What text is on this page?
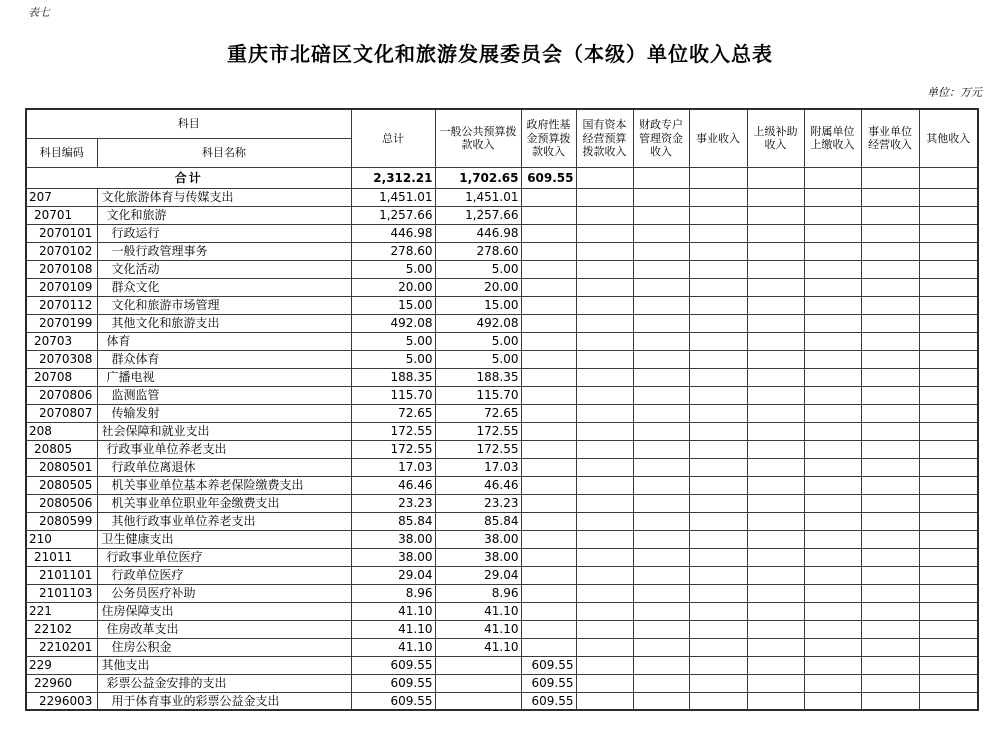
表七
重庆市北碚区文化和旅游发展委员会（本级）单位收入总表
单位：万元
科目		总计	一般公共预算拨款收入	政府性基金预算拨款收入	国有资本经营预算拨款收入	财政专户管理资金收入	事业收入	上级补助收入	附属单位上缴收入	事业单位经营收入	其他收入
科目编码	科目名称										
合计		2,312.21	1,702.65	609.55							
207	文化旅游体育与传媒支出	1,451.01	1,451.01								
20701	文化和旅游	1,257.66	1,257.66								
2070101	行政运行	446.98	446.98								
2070102	一般行政管理事务	278.60	278.60								
2070108	文化活动	5.00	5.00								
2070109	群众文化	20.00	20.00								
2070112	文化和旅游市场管理	15.00	15.00								
2070199	其他文化和旅游支出	492.08	492.08								
20703	体育	5.00	5.00								
2070308	群众体育	5.00	5.00								
20708	广播电视	188.35	188.35								
2070806	监测监管	115.70	115.70								
2070807	传输发射	72.65	72.65								
208	社会保障和就业支出	172.55	172.55								
20805	行政事业单位养老支出	172.55	172.55								
2080501	行政单位离退休	17.03	17.03								
2080505	机关事业单位基本养老保险缴费支出	46.46	46.46								
2080506	机关事业单位职业年金缴费支出	23.23	23.23								
2080599	其他行政事业单位养老支出	85.84	85.84								
210	卫生健康支出	38.00	38.00								
21011	行政事业单位医疗	38.00	38.00								
2101101	行政单位医疗	29.04	29.04								
2101103	公务员医疗补助	8.96	8.96								
221	住房保障支出	41.10	41.10								
22102	住房改革支出	41.10	41.10								
2210201	住房公积金	41.10	41.10								
229	其他支出	609.55		609.55							
22960	彩票公益金安排的支出	609.55		609.55							
2296003	用于体育事业的彩票公益金支出	609.55		609.55							
